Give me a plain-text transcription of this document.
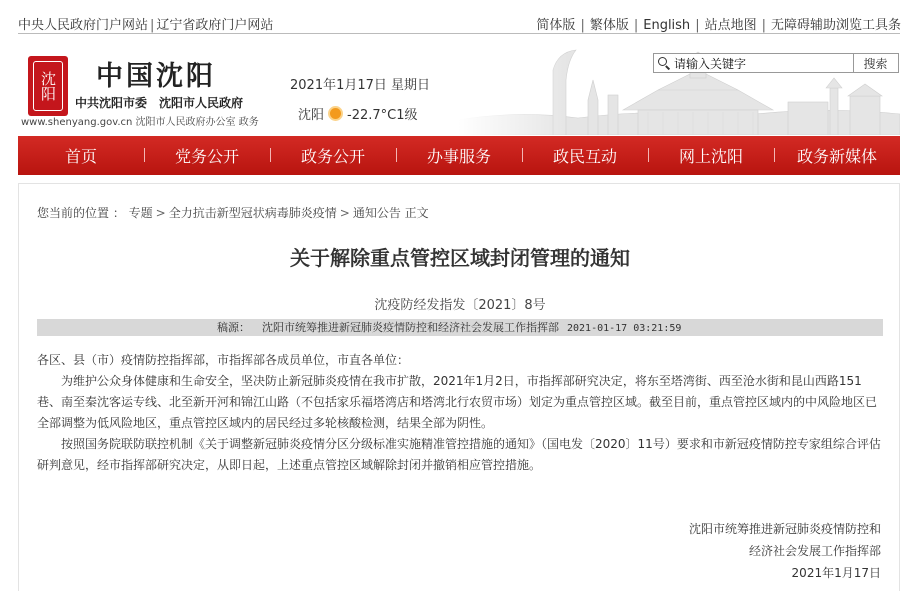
中央人民政府门户网站 | 辽宁省政府门户网站	简体版 | 繁体版 | English | 站点地图 | 无障碍辅助浏览工具条
沈阳 中国沈阳
中共沈阳市委　沈阳市人民政府
www.shenyang.gov.cn 沈阳市人民政府办公室 政务
2021年1月17日 星期日
沈阳 -22.7°C1级
请输入关键字
搜索
首页	党务公开	政务公开	办事服务	政民互动	网上沈阳	政务新媒体
您当前的位置 ： 专题 > 全力抗击新型冠状病毒肺炎疫情 > 通知公告 正文
关于解除重点管控区域封闭管理的通知
沈疫防经发指发〔2021〕8号
稿源： 沈阳市统筹推进新冠肺炎疫情防控和经济社会发展工作指挥部 2021-01-17 03:21:59

各区、县（市）疫情防控指挥部，市指挥部各成员单位，市直各单位：

为维护公众身体健康和生命安全，坚决防止新冠肺炎疫情在我市扩散，2021年1月2日，市指挥部研究决定，将东至塔湾街、西至沧水街和昆山西路151巷、南至秦沈客运专线、北至新开河和锦江山路（不包括家乐福塔湾店和塔湾北行农贸市场）划定为重点管控区域。截至目前，重点管控区域内的中风险地区已全部调整为低风险地区，重点管控区域内的居民经过多轮核酸检测，结果全部为阴性。

按照国务院联防联控机制《关于调整新冠肺炎疫情分区分级标准实施精准管控措施的通知》（国电发〔2020〕11号）要求和市新冠疫情防控专家组综合评估研判意见，经市指挥部研究决定，从即日起，上述重点管控区域解除封闭并撤销相应管控措施。

沈阳市统筹推进新冠肺炎疫情防控和
经济社会发展工作指挥部
2021年1月17日
